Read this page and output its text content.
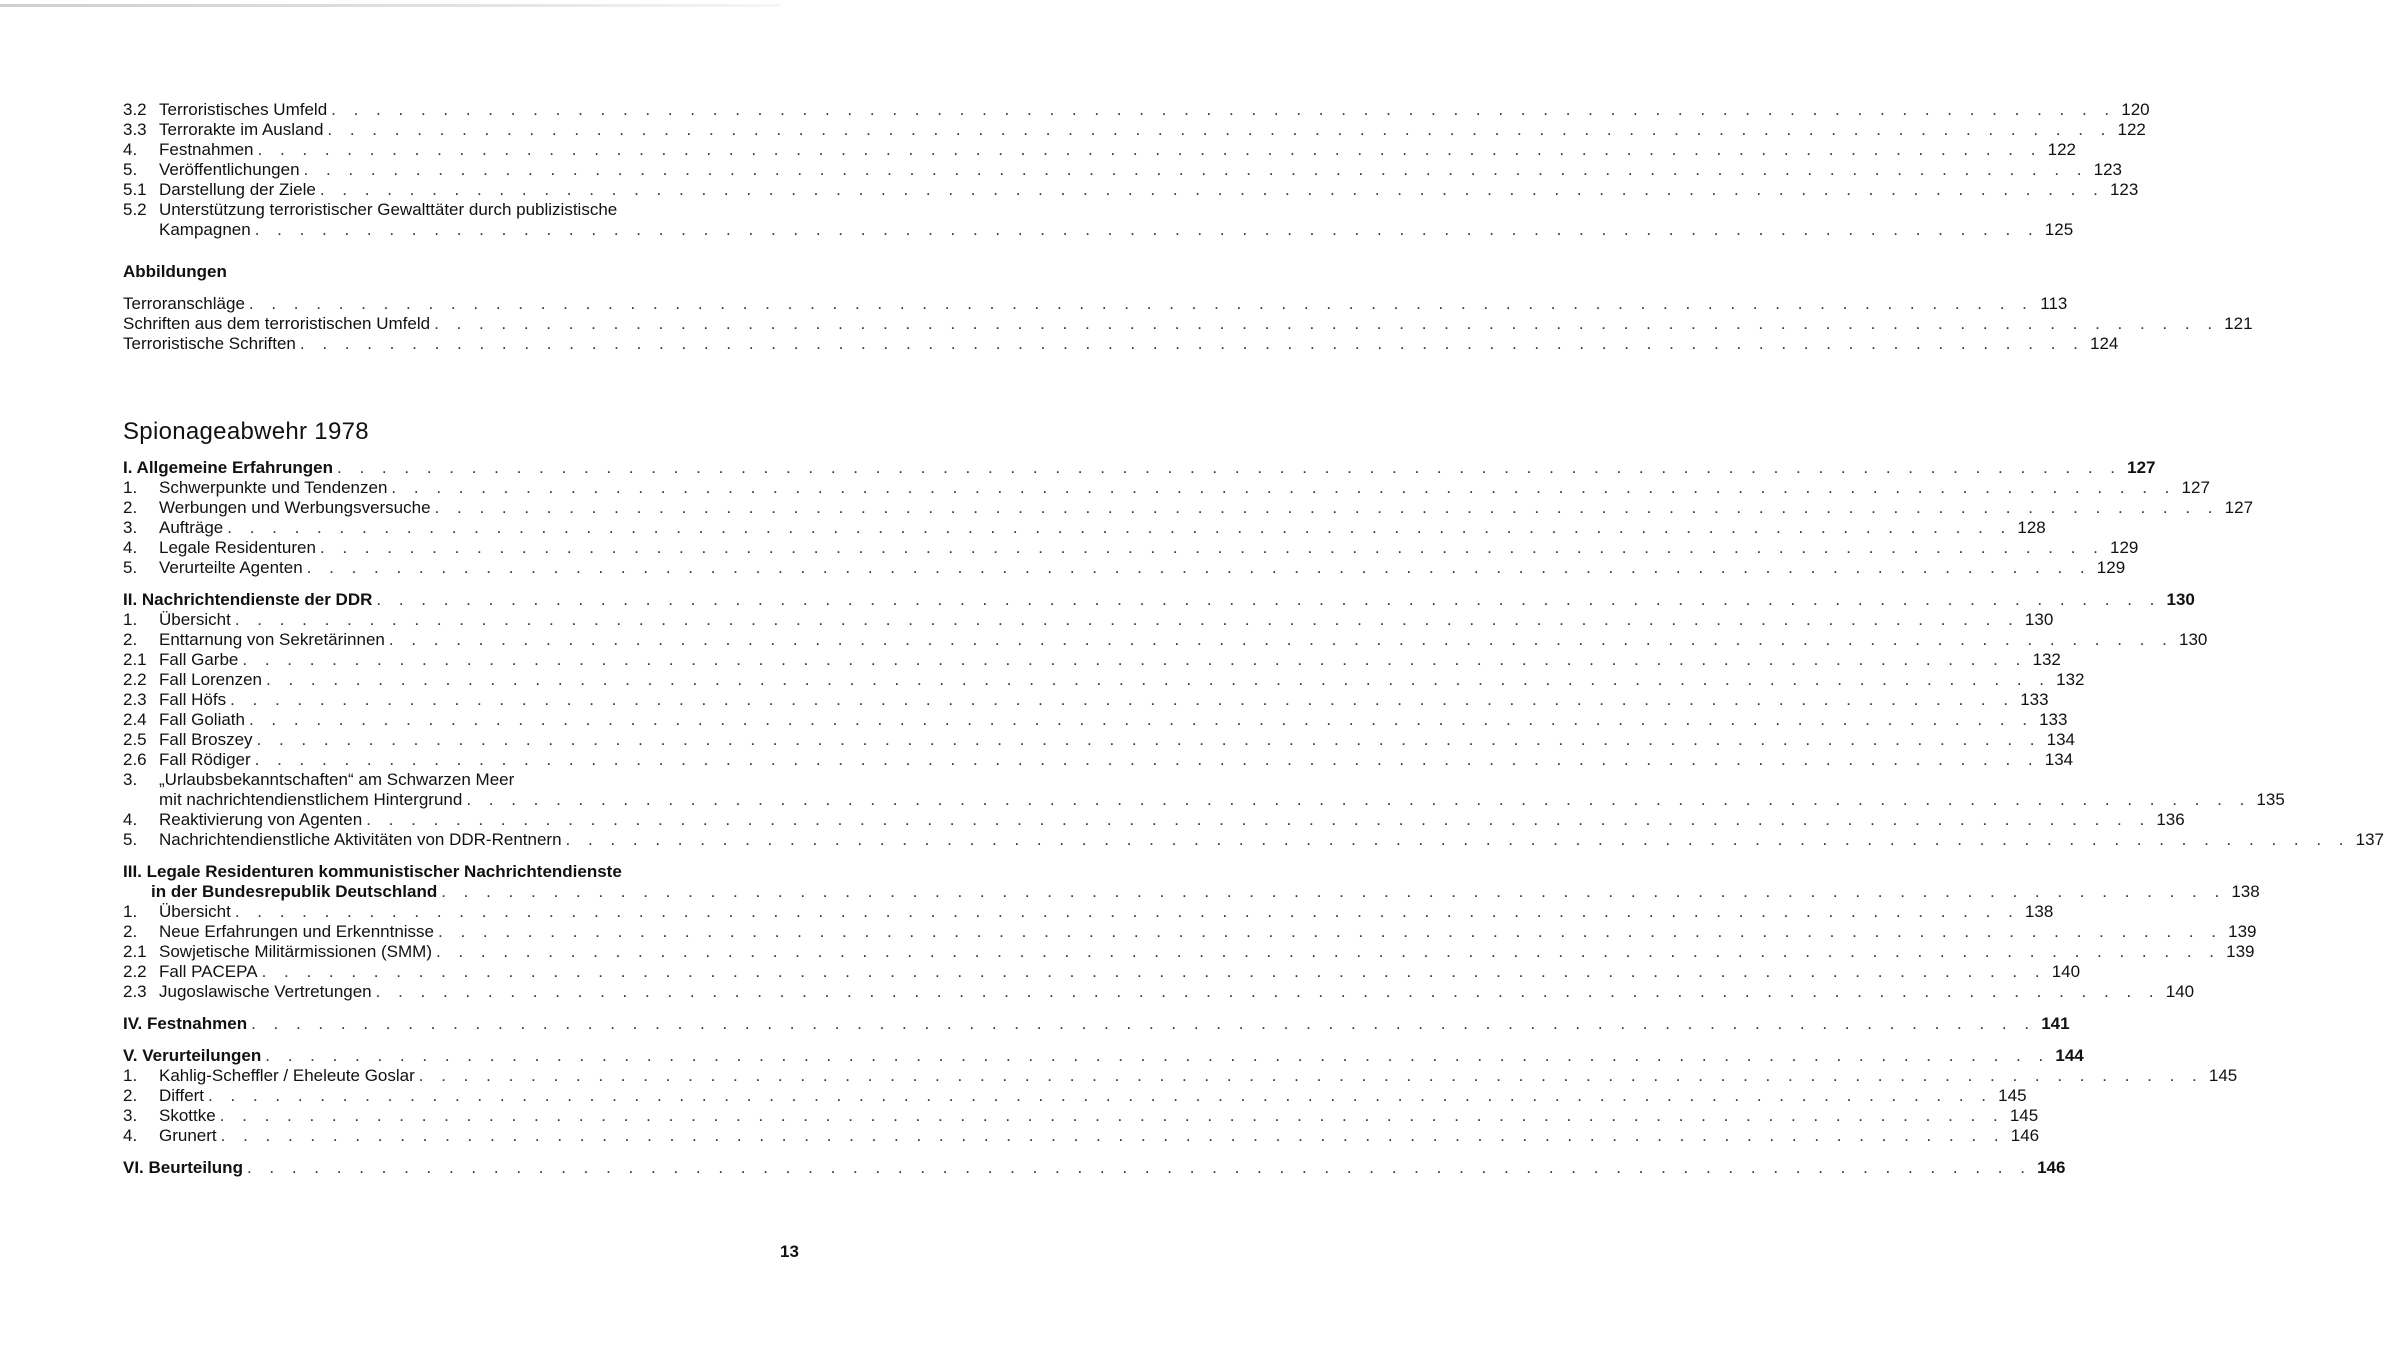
3.2 Terroristisches Umfeld . . . . . . . . . . . . . . . . . . . . . . . . . . . . . . . . . . . . . . . . . . . . . . . . . . . . . . . . . . . . . . . . . . . . . . . . . . . . . . . . 120
3.3 Terrorakte im Ausland . . . . . . . . . . . . . . . . . . . . . . . . . . . . . . . . . . . . . . . . . . . . . . . . . . . . . . . . . . . . . . . . . . . . . . . . . . . . . . . . 122
4.	Festnahmen . . . . . . . . . . . . . . . . . . . . . . . . . . . . . . . . . . . . . . . . . . . . . . . . . . . . . . . . . . . . . . . . . . . . . . . . . . . . . . . . 122
5.	Veröffentlichungen . . . . . . . . . . . . . . . . . . . . . . . . . . . . . . . . . . . . . . . . . . . . . . . . . . . . . . . . . . . . . . . . . . . . . . . . . . . . . . . . 123
5.1 Darstellung der Ziele . . . . . . . . . . . . . . . . . . . . . . . . . . . . . . . . . . . . . . . . . . . . . . . . . . . . . . . . . . . . . . . . . . . . . . . . . . . . . . . . 123
5.2 Unterstützung terroristischer Gewalttäter durch publizistische
Kampagnen . . . . . . . . . . . . . . . . . . . . . . . . . . . . . . . . . . . . . . . . . . . . . . . . . . . . . . . . . . . . . . . . . . . . . . . . . . . . . . . . 125
Abbildungen
Terroranschläge . . . . . . . . . . . . . . . . . . . . . . . . . . . . . . . . . . . . . . . . . . . . . . . . . . . . . . . . . . . . . . . . . . . . . . . . . . . . . . . . 113
Schriften aus dem terroristischen Umfeld . . . . . . . . . . . . . . . . . . . . . . . . . . . . . . . . . . . . . . . . . . . . . . . . . . . . . . . . . . . . . . . . . . . . . . . . . . . . . . . . 121
Terroristische Schriften . . . . . . . . . . . . . . . . . . . . . . . . . . . . . . . . . . . . . . . . . . . . . . . . . . . . . . . . . . . . . . . . . . . . . . . . . . . . . . . . 124
Spionageabwehr 1978
I. Allgemeine Erfahrungen . . . . . . . . . . . . . . . . . . . . . . . . . . . . . . . . . . . . . . . . . . . . . . . . . . . . . . . . . . . . . . . . . . . . . . . . . . . . . . . . 127
1.	Schwerpunkte und Tendenzen . . . . . . . . . . . . . . . . . . . . . . . . . . . . . . . . . . . . . . . . . . . . . . . . . . . . . . . . . . . . . . . . . . . . . . . . . . . . . . . . 127
2.	Werbungen und Werbungsversuche . . . . . . . . . . . . . . . . . . . . . . . . . . . . . . . . . . . . . . . . . . . . . . . . . . . . . . . . . . . . . . . . . . . . . . . . . . . . . . . . 127
3.	Aufträge . . . . . . . . . . . . . . . . . . . . . . . . . . . . . . . . . . . . . . . . . . . . . . . . . . . . . . . . . . . . . . . . . . . . . . . . . . . . . . . . 128
4.	Legale Residenturen . . . . . . . . . . . . . . . . . . . . . . . . . . . . . . . . . . . . . . . . . . . . . . . . . . . . . . . . . . . . . . . . . . . . . . . . . . . . . . . . 129
5.	Verurteilte Agenten . . . . . . . . . . . . . . . . . . . . . . . . . . . . . . . . . . . . . . . . . . . . . . . . . . . . . . . . . . . . . . . . . . . . . . . . . . . . . . . . 129
II. Nachrichtendienste der DDR . . . . . . . . . . . . . . . . . . . . . . . . . . . . . . . . . . . . . . . . . . . . . . . . . . . . . . . . . . . . . . . . . . . . . . . . . . . . . . . . 130
1.	Übersicht . . . . . . . . . . . . . . . . . . . . . . . . . . . . . . . . . . . . . . . . . . . . . . . . . . . . . . . . . . . . . . . . . . . . . . . . . . . . . . . . 130
2.	Enttarnung von Sekretärinnen . . . . . . . . . . . . . . . . . . . . . . . . . . . . . . . . . . . . . . . . . . . . . . . . . . . . . . . . . . . . . . . . . . . . . . . . . . . . . . . . 130
2.1 Fall Garbe . . . . . . . . . . . . . . . . . . . . . . . . . . . . . . . . . . . . . . . . . . . . . . . . . . . . . . . . . . . . . . . . . . . . . . . . . . . . . . . . 132
2.2 Fall Lorenzen . . . . . . . . . . . . . . . . . . . . . . . . . . . . . . . . . . . . . . . . . . . . . . . . . . . . . . . . . . . . . . . . . . . . . . . . . . . . . . . . 132
2.3 Fall Höfs . . . . . . . . . . . . . . . . . . . . . . . . . . . . . . . . . . . . . . . . . . . . . . . . . . . . . . . . . . . . . . . . . . . . . . . . . . . . . . . . 133
2.4 Fall Goliath . . . . . . . . . . . . . . . . . . . . . . . . . . . . . . . . . . . . . . . . . . . . . . . . . . . . . . . . . . . . . . . . . . . . . . . . . . . . . . . . 133
2.5 Fall Broszey . . . . . . . . . . . . . . . . . . . . . . . . . . . . . . . . . . . . . . . . . . . . . . . . . . . . . . . . . . . . . . . . . . . . . . . . . . . . . . . . 134
2.6 Fall Rödiger . . . . . . . . . . . . . . . . . . . . . . . . . . . . . . . . . . . . . . . . . . . . . . . . . . . . . . . . . . . . . . . . . . . . . . . . . . . . . . . . 134
3.	„Urlaubsbekanntschaften“ am Schwarzen Meer
mit nachrichtendienstlichem Hintergrund . . . . . . . . . . . . . . . . . . . . . . . . . . . . . . . . . . . . . . . . . . . . . . . . . . . . . . . . . . . . . . . . . . . . . . . . . . . . . . . . 135
4.	Reaktivierung von Agenten . . . . . . . . . . . . . . . . . . . . . . . . . . . . . . . . . . . . . . . . . . . . . . . . . . . . . . . . . . . . . . . . . . . . . . . . . . . . . . . . 136
5.	Nachrichtendienstliche Aktivitäten von DDR-Rentnern . . . . . . . . . . . . . . . . . . . . . . . . . . . . . . . . . . . . . . . . . . . . . . . . . . . . . . . . . . . . . . . . . . . . . . . . . . . . . . . . 137
III. Legale Residenturen kommunistischer Nachrichtendienste
in der Bundesrepublik Deutschland . . . . . . . . . . . . . . . . . . . . . . . . . . . . . . . . . . . . . . . . . . . . . . . . . . . . . . . . . . . . . . . . . . . . . . . . . . . . . . . . 138
1.	Übersicht . . . . . . . . . . . . . . . . . . . . . . . . . . . . . . . . . . . . . . . . . . . . . . . . . . . . . . . . . . . . . . . . . . . . . . . . . . . . . . . . 138
2.	Neue Erfahrungen und Erkenntnisse . . . . . . . . . . . . . . . . . . . . . . . . . . . . . . . . . . . . . . . . . . . . . . . . . . . . . . . . . . . . . . . . . . . . . . . . . . . . . . . . 139
2.1 Sowjetische Militärmissionen (SMM) . . . . . . . . . . . . . . . . . . . . . . . . . . . . . . . . . . . . . . . . . . . . . . . . . . . . . . . . . . . . . . . . . . . . . . . . . . . . . . . . 139
2.2 Fall PACEPA . . . . . . . . . . . . . . . . . . . . . . . . . . . . . . . . . . . . . . . . . . . . . . . . . . . . . . . . . . . . . . . . . . . . . . . . . . . . . . . . 140
2.3 Jugoslawische Vertretungen . . . . . . . . . . . . . . . . . . . . . . . . . . . . . . . . . . . . . . . . . . . . . . . . . . . . . . . . . . . . . . . . . . . . . . . . . . . . . . . . 140
IV. Festnahmen . . . . . . . . . . . . . . . . . . . . . . . . . . . . . . . . . . . . . . . . . . . . . . . . . . . . . . . . . . . . . . . . . . . . . . . . . . . . . . . . 141
V. Verurteilungen . . . . . . . . . . . . . . . . . . . . . . . . . . . . . . . . . . . . . . . . . . . . . . . . . . . . . . . . . . . . . . . . . . . . . . . . . . . . . . . . 144
1.	Kahlig-Scheffler / Eheleute Goslar . . . . . . . . . . . . . . . . . . . . . . . . . . . . . . . . . . . . . . . . . . . . . . . . . . . . . . . . . . . . . . . . . . . . . . . . . . . . . . . . 145
2.	Differt . . . . . . . . . . . . . . . . . . . . . . . . . . . . . . . . . . . . . . . . . . . . . . . . . . . . . . . . . . . . . . . . . . . . . . . . . . . . . . . . 145
3.	Skottke . . . . . . . . . . . . . . . . . . . . . . . . . . . . . . . . . . . . . . . . . . . . . . . . . . . . . . . . . . . . . . . . . . . . . . . . . . . . . . . . 145
4.	Grunert . . . . . . . . . . . . . . . . . . . . . . . . . . . . . . . . . . . . . . . . . . . . . . . . . . . . . . . . . . . . . . . . . . . . . . . . . . . . . . . . 146
VI. Beurteilung . . . . . . . . . . . . . . . . . . . . . . . . . . . . . . . . . . . . . . . . . . . . . . . . . . . . . . . . . . . . . . . . . . . . . . . . . . . . . . . . 146
13
